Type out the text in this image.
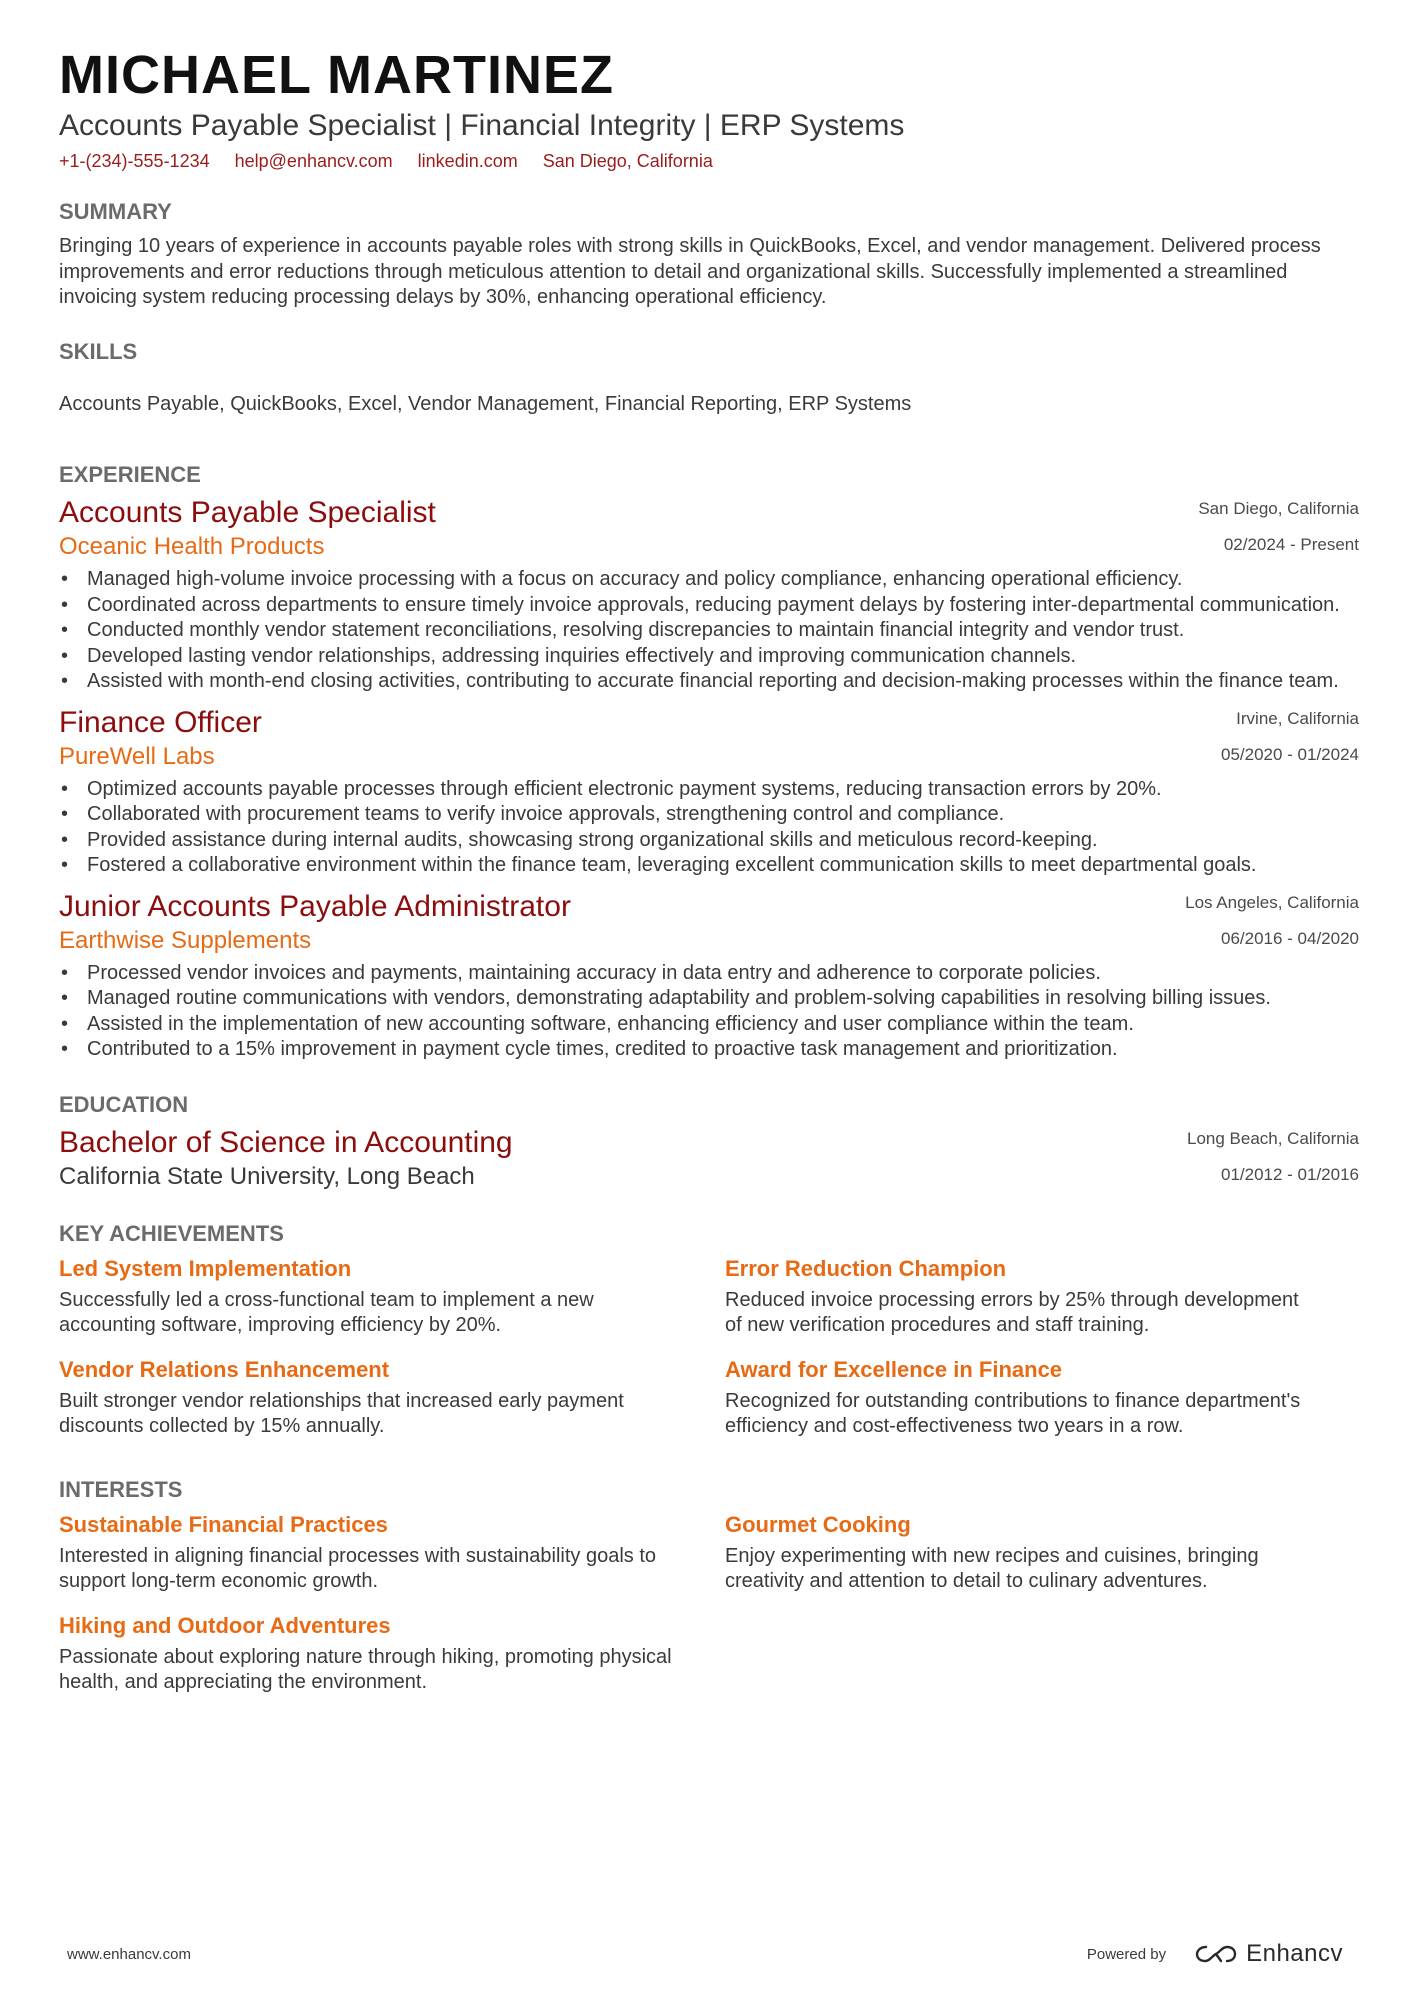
MICHAEL MARTINEZ
Accounts Payable Specialist | Financial Integrity | ERP Systems
+1-(234)-555-1234 help@enhancv.com linkedin.com San Diego, California
SUMMARY
Bringing 10 years of experience in accounts payable roles with strong skills in QuickBooks, Excel, and vendor management. Delivered process improvements and error reductions through meticulous attention to detail and organizational skills. Successfully implemented a streamlined invoicing system reducing processing delays by 30%, enhancing operational efficiency.
SKILLS
Accounts Payable, QuickBooks, Excel, Vendor Management, Financial Reporting, ERP Systems
EXPERIENCE
Accounts Payable Specialist
Oceanic Health Products
San Diego, California
02/2024 - Present
• Managed high-volume invoice processing with a focus on accuracy and policy compliance, enhancing operational efficiency.
• Coordinated across departments to ensure timely invoice approvals, reducing payment delays by fostering inter-departmental communication.
• Conducted monthly vendor statement reconciliations, resolving discrepancies to maintain financial integrity and vendor trust.
• Developed lasting vendor relationships, addressing inquiries effectively and improving communication channels.
• Assisted with month-end closing activities, contributing to accurate financial reporting and decision-making processes within the finance team.
Finance Officer
PureWell Labs
Irvine, California
05/2020 - 01/2024
• Optimized accounts payable processes through efficient electronic payment systems, reducing transaction errors by 20%.
• Collaborated with procurement teams to verify invoice approvals, strengthening control and compliance.
• Provided assistance during internal audits, showcasing strong organizational skills and meticulous record-keeping.
• Fostered a collaborative environment within the finance team, leveraging excellent communication skills to meet departmental goals.
Junior Accounts Payable Administrator
Earthwise Supplements
Los Angeles, California
06/2016 - 04/2020
• Processed vendor invoices and payments, maintaining accuracy in data entry and adherence to corporate policies.
• Managed routine communications with vendors, demonstrating adaptability and problem-solving capabilities in resolving billing issues.
• Assisted in the implementation of new accounting software, enhancing efficiency and user compliance within the team.
• Contributed to a 15% improvement in payment cycle times, credited to proactive task management and prioritization.
EDUCATION
Bachelor of Science in Accounting
California State University, Long Beach
Long Beach, California
01/2012 - 01/2016
KEY ACHIEVEMENTS
Led System Implementation
Successfully led a cross-functional team to implement a new accounting software, improving efficiency by 20%.
Error Reduction Champion
Reduced invoice processing errors by 25% through development of new verification procedures and staff training.
Vendor Relations Enhancement
Built stronger vendor relationships that increased early payment discounts collected by 15% annually.
Award for Excellence in Finance
Recognized for outstanding contributions to finance department's efficiency and cost-effectiveness two years in a row.
INTERESTS
Sustainable Financial Practices
Interested in aligning financial processes with sustainability goals to support long-term economic growth.
Gourmet Cooking
Enjoy experimenting with new recipes and cuisines, bringing creativity and attention to detail to culinary adventures.
Hiking and Outdoor Adventures
Passionate about exploring nature through hiking, promoting physical health, and appreciating the environment.
www.enhancv.com	Powered by	Enhancv
